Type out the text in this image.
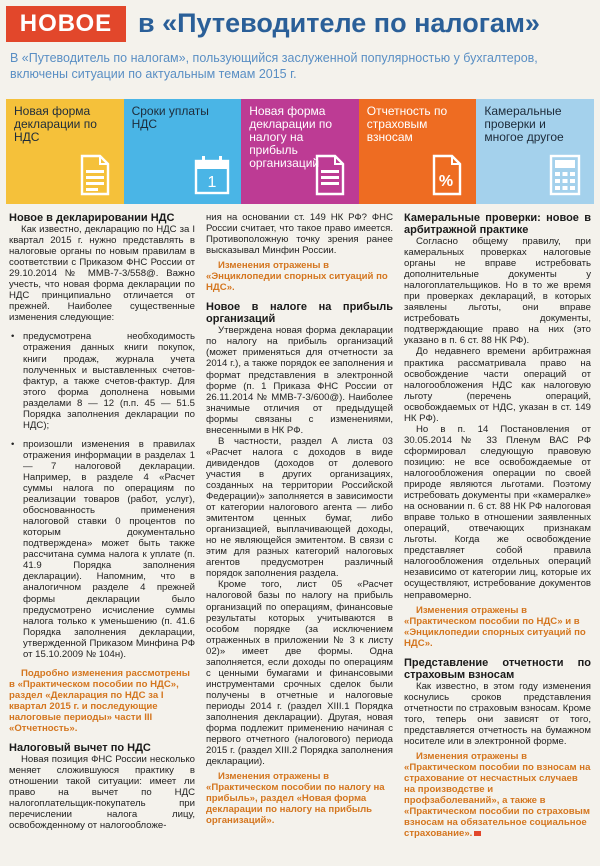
НОВОЕ в «Путеводителе по налогам»
В «Путеводитель по налогам», пользующийся заслуженной популярностью у бухгалтеров, включены ситуации по актуальным темам 2015 г.
Новая форма декларации по НДС
Сроки уплаты НДС
1
Новая форма декларации по налогу на прибыль организаций
Отчетность по страховым взносам
%
Камеральные проверки и многое другое

Новое в декларировании НДС

Как известно, декларацию по НДС за I квартал 2015 г. нужно представлять в налоговые органы по новым правилам в соответствии с Приказом ФНС России от 29.10.2014 № ММВ-7-3/558@. Важно учесть, что новая форма декларации по НДС принципиально отличается от прежней. Наиболее существенные изменения следующие:

• предусмотрена необходимость отражения данных книги покупок, книги продаж, журнала учета полученных и выставленных счетов-фактур, а также счетов-фактур. Для этого форма дополнена новыми разделами 8 — 12 (п.п. 45 — 51.5 Порядка заполнения декларации по НДС);

• произошли изменения в правилах отражения информации в разделах 1 — 7 налоговой декларации. Например, в разделе 4 «Расчет суммы налога по операциям по реализации товаров (работ, услуг), обоснованность применения налоговой ставки 0 процентов по которым документально подтверждена» может быть также рассчитана сумма налога к уплате (п. 41.9 Порядка заполнения декларации). Напомним, что в аналогичном разделе 4 прежней формы декларации было предусмотрено исчисление суммы налога только к уменьшению (п. 41.6 Порядка заполнения декларации, утвержденной Приказом Минфина РФ от 15.10.2009 № 104н).

Подробно изменения рассмотрены в «Практическом пособии по НДС», раздел «Декларация по НДС за I квартал 2015 г. и последующие налоговые периоды» части III «Отчетность».

Налоговый вычет по НДС

Новая позиция ФНС России несколько меняет сложившуюся практику в отношении такой ситуации: имеет ли право на вычет по НДС налогоплательщик-покупатель при перечислении налога лицу, освобожденному от налогообложе-

ния на основании ст. 149 НК РФ? ФНС России считает, что такое право имеется. Противоположную точку зрения ранее высказывал Минфин России.

Изменения отражены в «Энциклопедии спорных ситуаций по НДС».

Новое в налоге на прибыль организаций

Утверждена новая форма декларации по налогу на прибыль организаций (может применяться для отчетности за 2014 г.), а также порядок ее заполнения и формат представления в электронной форме (п. 1 Приказа ФНС России от 26.11.2014 № ММВ-7-3/600@). Наиболее значимые отличия от предыдущей формы связаны с изменениями, внесенными в НК РФ.

В частности, раздел А листа 03 «Расчет налога с доходов в виде дивидендов (доходов от долевого участия в других организациях, созданных на территории Российской Федерации)» заполняется в зависимости от категории налогового агента — либо эмитентом ценных бумаг, либо организацией, выплачивающей доходы, но не являющейся эмитентом. В связи с этим для разных категорий налоговых агентов предусмотрен различный порядок заполнения раздела.

Кроме того, лист 05 «Расчет налоговой базы по налогу на прибыль организаций по операциям, финансовые результаты которых учитываются в особом порядке (за исключением отраженных в приложении № 3 к листу 02)» имеет две формы. Одна заполняется, если доходы по операциям с ценными бумагами и финансовыми инструментами срочных сделок были получены в отчетные и налоговые периоды 2014 г. (раздел XIII.1 Порядка заполнения декларации). Другая, новая форма подлежит применению начиная с первого отчетного (налогового) периода 2015 г. (раздел XIII.2 Порядка заполнения декларации).

Изменения отражены в «Практическом пособии по налогу на прибыль», раздел «Новая форма декларации по налогу на прибыль организаций».

Камеральные проверки: новое в арбитражной практике

Согласно общему правилу, при камеральных проверках налоговые органы не вправе истребовать дополнительные документы у налогоплательщиков. Но в то же время при проверках деклараций, в которых заявлены льготы, они вправе истребовать документы, подтверждающие право на них (это указано в п. 6 ст. 88 НК РФ).

До недавнего времени арбитражная практика рассматривала право на освобождение части операций от налогообложения НДС как налоговую льготу (перечень операций, освобождаемых от НДС, указан в ст. 149 НК РФ).

Но в п. 14 Постановления от 30.05.2014 № 33 Пленум ВАС РФ сформировал следующую правовую позицию: не все освобождаемые от налогообложения операции по своей природе являются льготами. Поэтому истребовать документы при «камералке» на основании п. 6 ст. 88 НК РФ налоговая вправе только в отношении заявленных операций, отвечающих признакам льготы. Когда же освобождение представляет собой правила налогообложения отдельных операций независимо от категории лиц, которые их осуществляют, истребование документов неправомерно.

Изменения отражены в «Практическом пособии по НДС» и в «Энциклопедии спорных ситуаций по НДС».

Представление отчетности по страховым взносам

Как известно, в этом году изменения коснулись сроков представления отчетности по страховым взносам. Кроме того, теперь они зависят от того, представляется отчетность на бумажном носителе или в электронной форме.

Изменения отражены в «Практическом пособии по взносам на страхование от несчастных случаев на производстве и профзаболеваний», а также в «Практическом пособии по страховым взносам на обязательное социальное страхование».
